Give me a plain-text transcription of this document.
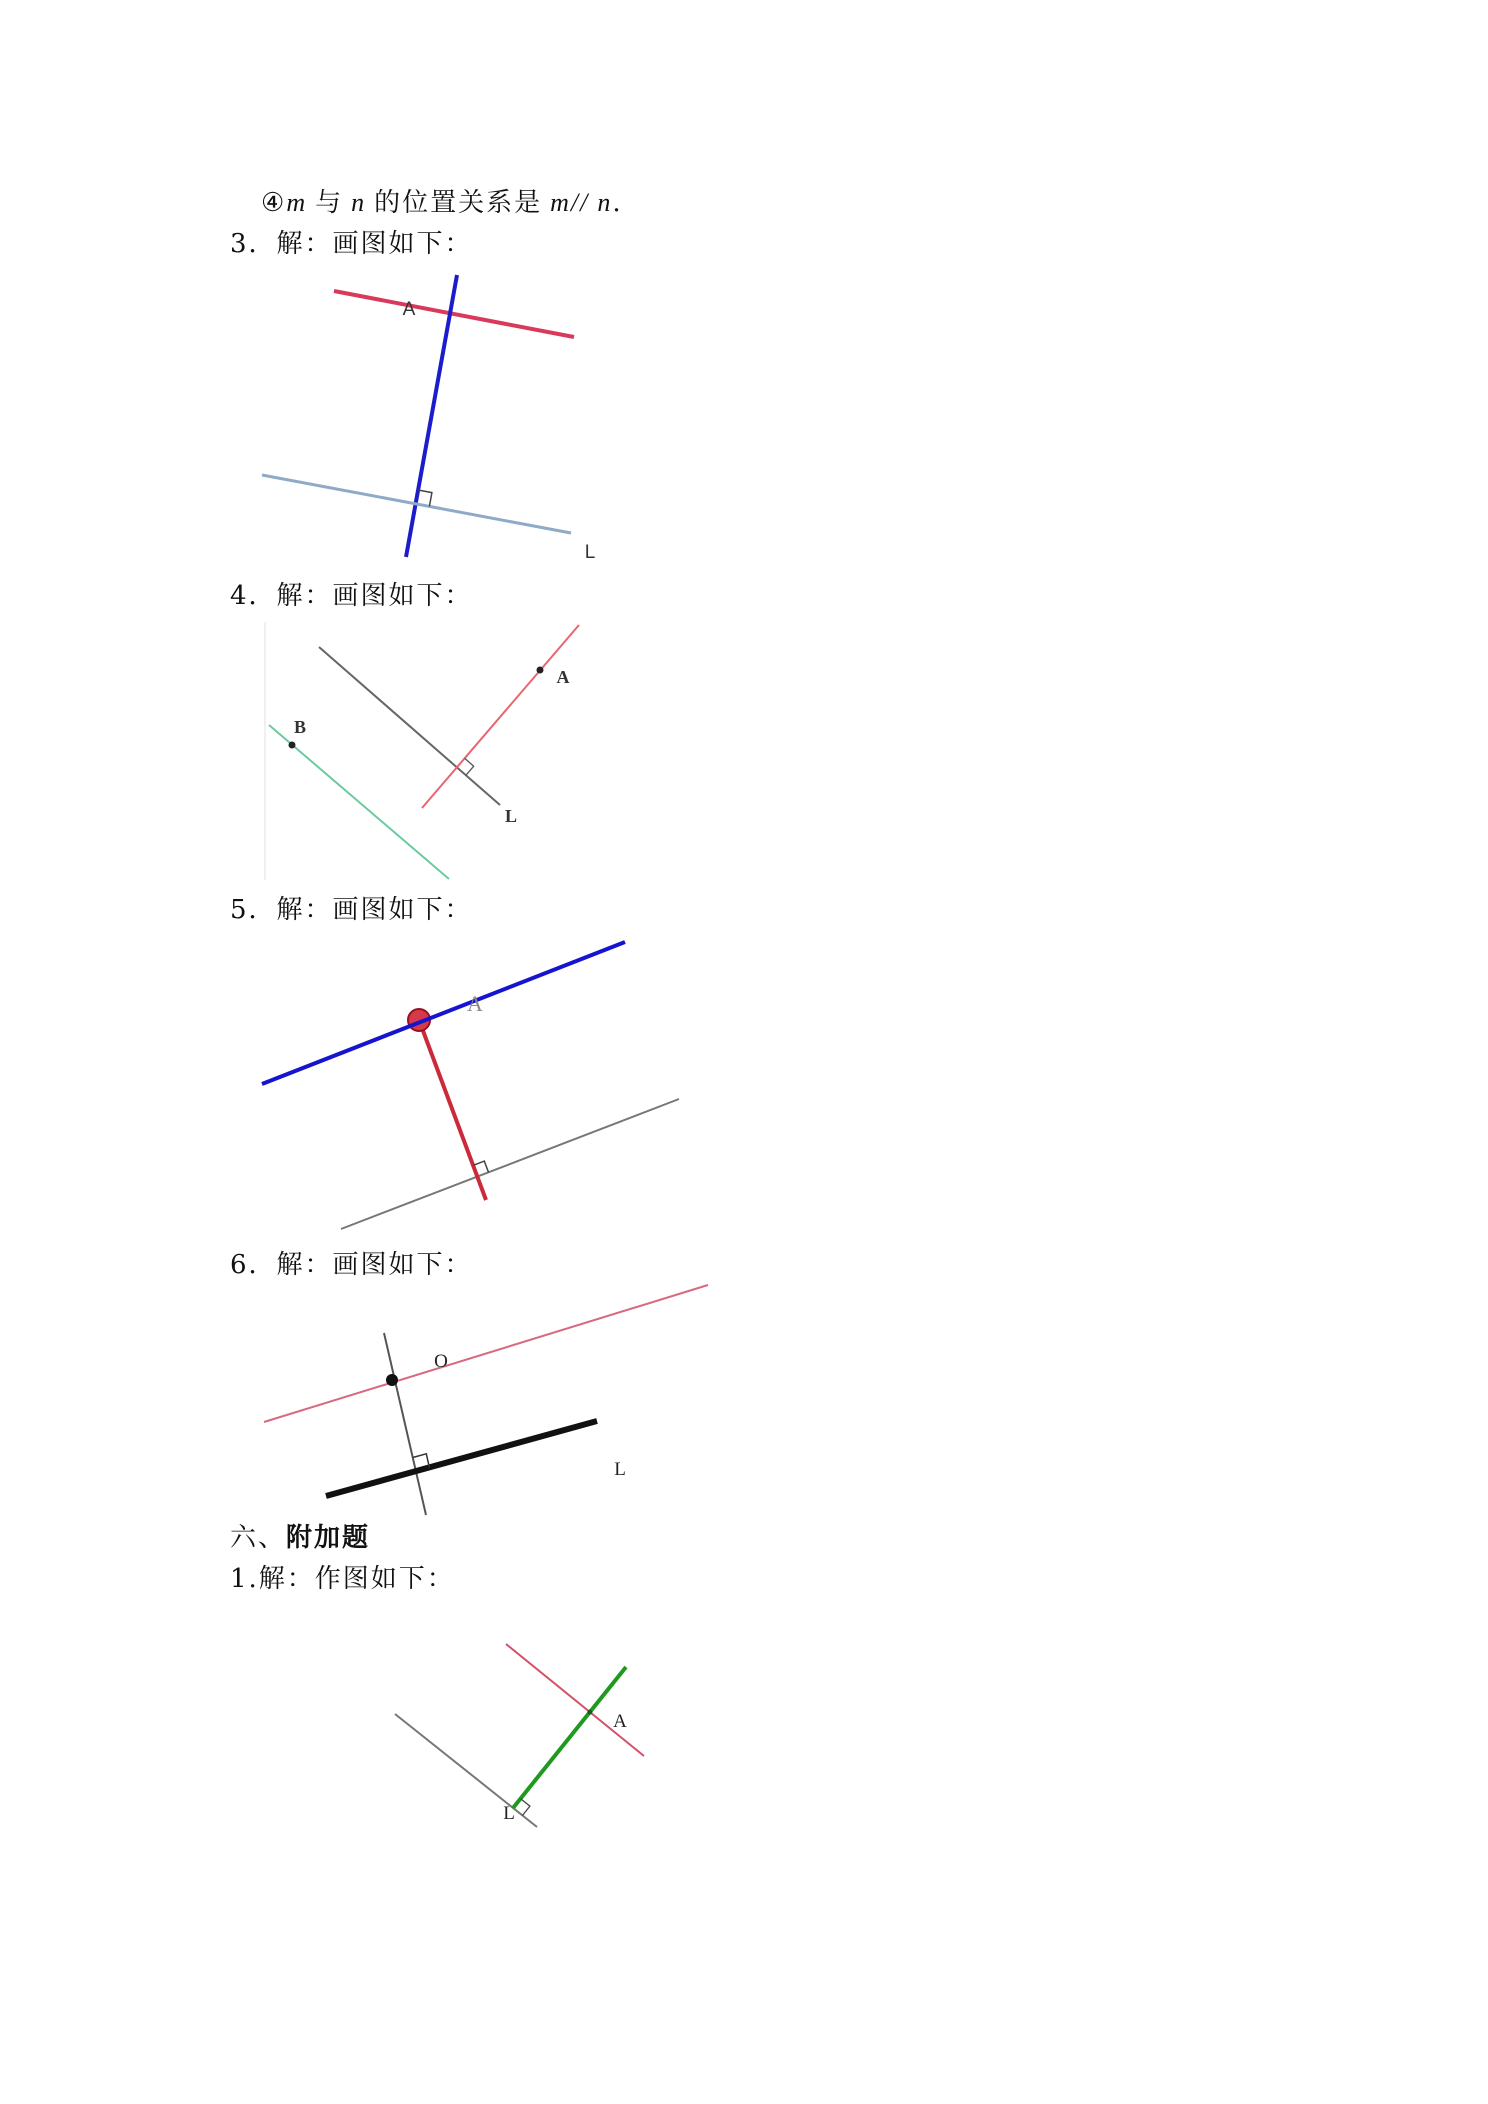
④m 与 n 的位置关系是 m// n.
3．解：画图如下：
A
L
4．解：画图如下：
A
B
L
5．解：画图如下：
A
6．解：画图如下：
O
L
六、附加题
1.解：作图如下：
A
L
